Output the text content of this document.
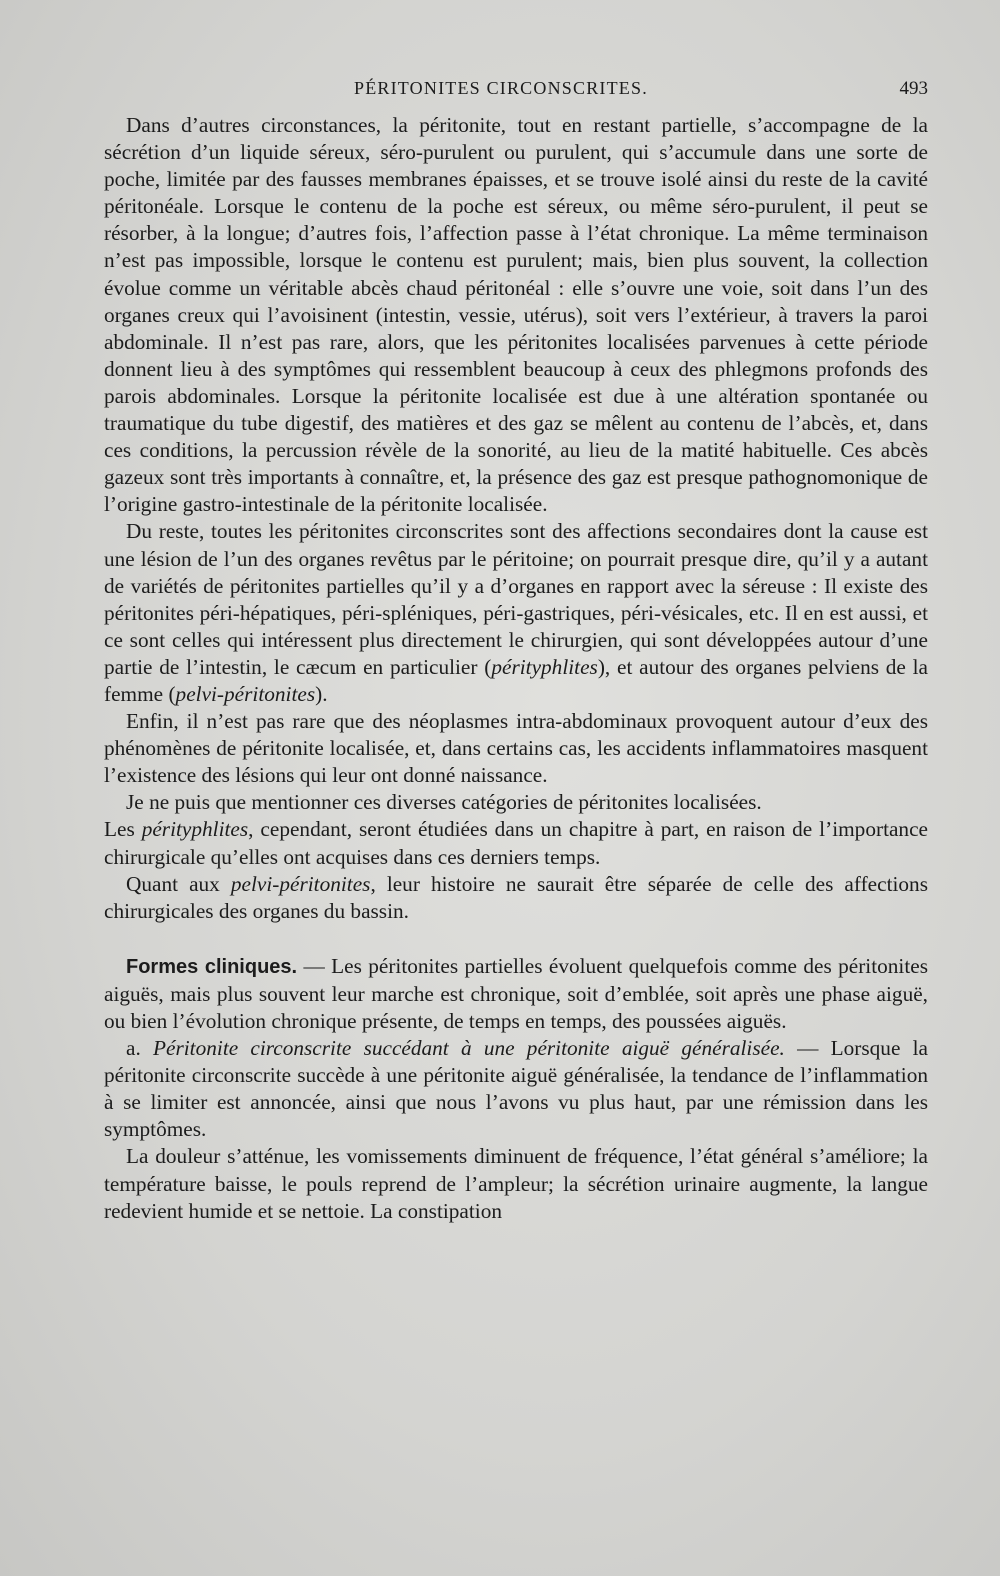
PÉRITONITES CIRCONSCRITES.	493

Dans d’autres circonstances, la péritonite, tout en restant partielle, s’accompagne de la sécrétion d’un liquide séreux, séro-purulent ou purulent, qui s’accumule dans une sorte de poche, limitée par des fausses membranes épaisses, et se trouve isolé ainsi du reste de la cavité péritonéale. Lorsque le contenu de la poche est séreux, ou même séro-purulent, il peut se résorber, à la longue; d’autres fois, l’affection passe à l’état chronique. La même terminaison n’est pas impossible, lorsque le contenu est purulent; mais, bien plus souvent, la collection évolue comme un véritable abcès chaud péritonéal : elle s’ouvre une voie, soit dans l’un des organes creux qui l’avoisinent (intestin, vessie, utérus), soit vers l’extérieur, à travers la paroi abdominale. Il n’est pas rare, alors, que les péritonites localisées parvenues à cette période donnent lieu à des symptômes qui ressemblent beaucoup à ceux des phlegmons profonds des parois abdominales. Lorsque la péritonite localisée est due à une altération spontanée ou traumatique du tube digestif, des matières et des gaz se mêlent au contenu de l’abcès, et, dans ces conditions, la percussion révèle de la sonorité, au lieu de la matité habituelle. Ces abcès gazeux sont très importants à connaître, et, la présence des gaz est presque pathognomonique de l’origine gastro-intestinale de la péritonite localisée.

Du reste, toutes les péritonites circonscrites sont des affections secondaires dont la cause est une lésion de l’un des organes revêtus par le péritoine; on pourrait presque dire, qu’il y a autant de variétés de péritonites partielles qu’il y a d’organes en rapport avec la séreuse : Il existe des péritonites péri-hépatiques, péri-spléniques, péri-gastriques, péri-vésicales, etc. Il en est aussi, et ce sont celles qui intéressent plus directement le chirurgien, qui sont développées autour d’une partie de l’intestin, le cæcum en particulier (pérityphlites), et autour des organes pelviens de la femme (pelvi-péritonites).

Enfin, il n’est pas rare que des néoplasmes intra-abdominaux provoquent autour d’eux des phénomènes de péritonite localisée, et, dans certains cas, les accidents inflammatoires masquent l’existence des lésions qui leur ont donné naissance.

Je ne puis que mentionner ces diverses catégories de péritonites localisées.

Les pérityphlites, cependant, seront étudiées dans un chapitre à part, en raison de l’importance chirurgicale qu’elles ont acquises dans ces derniers temps.

Quant aux pelvi-péritonites, leur histoire ne saurait être séparée de celle des affections chirurgicales des organes du bassin.

Formes cliniques. — Les péritonites partielles évoluent quelquefois comme des péritonites aiguës, mais plus souvent leur marche est chronique, soit d’emblée, soit après une phase aiguë, ou bien l’évolution chronique présente, de temps en temps, des poussées aiguës.

a. Péritonite circonscrite succédant à une péritonite aiguë généralisée. — Lorsque la péritonite circonscrite succède à une péritonite aiguë généralisée, la tendance de l’inflammation à se limiter est annoncée, ainsi que nous l’avons vu plus haut, par une rémission dans les symptômes.

La douleur s’atténue, les vomissements diminuent de fréquence, l’état général s’améliore; la température baisse, le pouls reprend de l’ampleur; la sécrétion urinaire augmente, la langue redevient humide et se nettoie. La constipation
